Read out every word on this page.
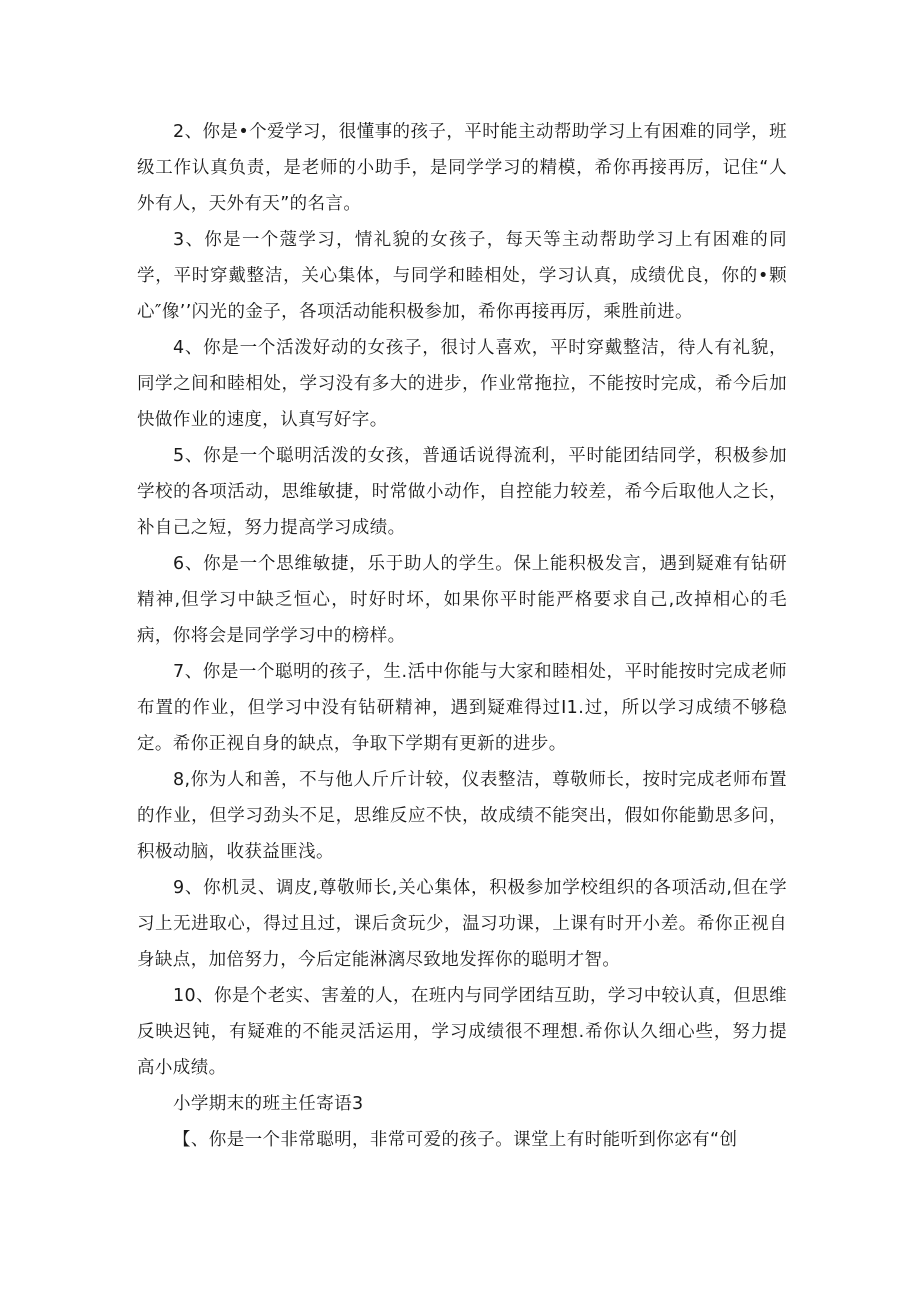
2、你是•个爱学习，很懂事的孩子，平时能主动帮助学习上有困难的同学，班级工作认真负责，是老师的小助手，是同学学习的精模，希你再接再厉，记住“人外有人，天外有天”的名言。

3、你是一个蔻学习，情礼貌的女孩子，每天等主动帮助学习上有困难的同学，平时穿戴整洁，关心集体，与同学和睦相处，学习认真，成绩优良，你的•颗心″像’’闪光的金子，各项活动能积极参加，希你再接再厉，乘胜前进。

4、你是一个活泼好动的女孩子，很讨人喜欢，平时穿戴整洁，待人有礼貌，同学之间和睦相处，学习没有多大的进步，作业常拖拉，不能按时完成，希今后加快做作业的速度，认真写好字。

5、你是一个聪明活泼的女孩，普通话说得流利，平时能团结同学，积极参加学校的各项活动，思维敏捷，时常做小动作，自控能力较差，希今后取他人之长，补自己之短，努力提高学习成绩。

6、你是一个思维敏捷，乐于助人的学生。保上能积极发言，遇到疑难有钻研精神,但学习中缺乏恒心，时好时坏，如果你平时能严格要求自己,改掉相心的毛病，你将会是同学学习中的榜样。

7、你是一个聪明的孩子，生.活中你能与大家和睦相处，平时能按时完成老师布置的作业，但学习中没有钻研精神，遇到疑难得过I1.过，所以学习成绩不够稳定。希你正视自身的缺点，争取下学期有更新的进步。

8,你为人和善，不与他人斤斤计较，仪表整洁，尊敬师长，按时完成老师布置的作业，但学习劲头不足，思维反应不快，故成绩不能突出，假如你能勤思多问，积极动脑，收获益匪浅。

9、你机灵、调皮,尊敬师长,关心集体，积极参加学校组织的各项活动,但在学习上无进取心，得过且过，课后贪玩少，温习功课，上课有时开小差。希你正视自身缺点，加倍努力，今后定能淋漓尽致地发挥你的聪明才智。

10、你是个老实、害羞的人，在班内与同学团结互助，学习中较认真，但思维反映迟钝，有疑难的不能灵活运用，学习成绩很不理想.希你认久细心些，努力提高小成绩。

小学期末的班主任寄语3

【、你是一个非常聪明，非常可爱的孩子。课堂上有时能听到你宓有“创
